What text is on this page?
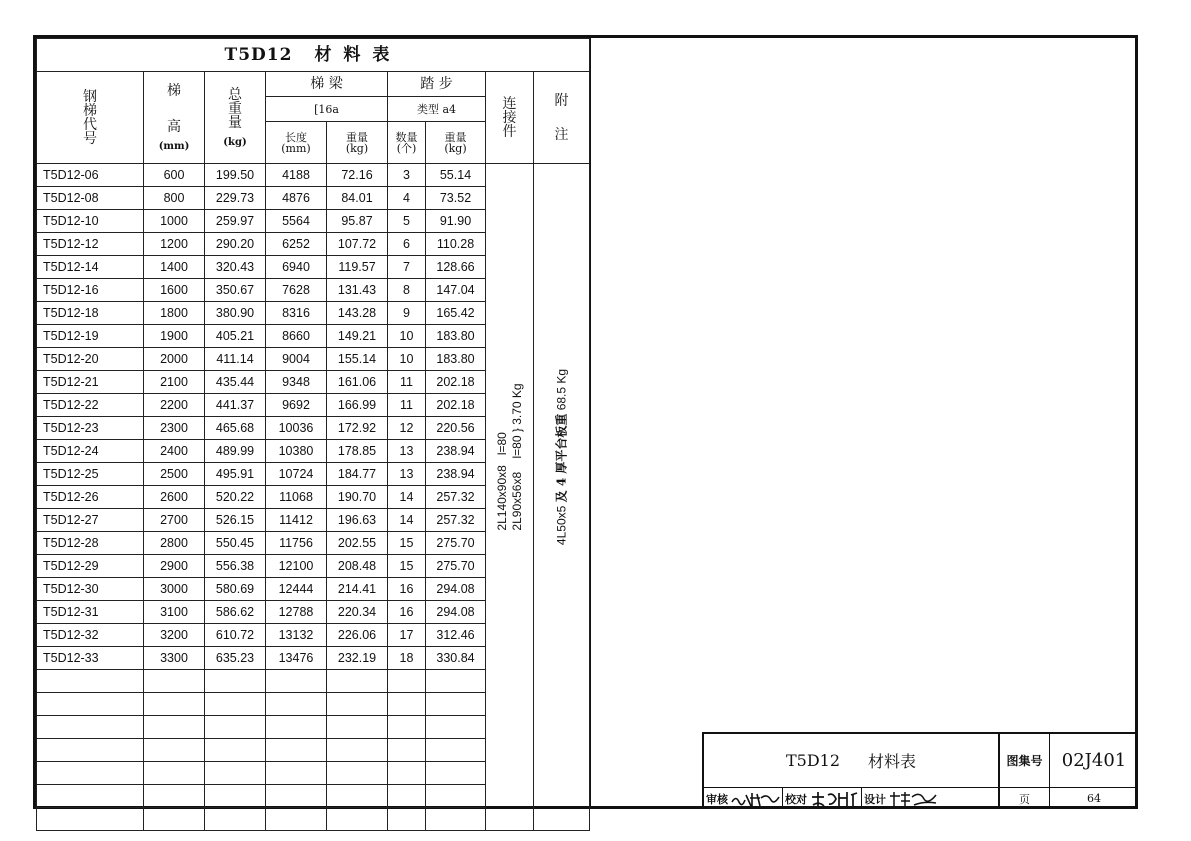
T5D12 材料表								

钢
梯
代
号	梯
高
(mm)	总
重
量
(kg)	梯 梁		踏 步		连
接
件	附
注

			[16a		类型 a4			

			长度
(mm)	重量
(kg)	数量
(个)	重量
(kg)		

T5D12-06	600	199.50	4188	72.16	3	55.14	2L140x90x8   l=80
2L90x56x8    l=80 } 3.70 Kg	4L50x5 及 4 厚平台板重 68.5 Kg

T5D12-08	800	229.73	4876	84.01	4	73.52		
T5D12-10	1000	259.97	5564	95.87	5	91.90		
T5D12-12	1200	290.20	6252	107.72	6	110.28		
T5D12-14	1400	320.43	6940	119.57	7	128.66		
T5D12-16	1600	350.67	7628	131.43	8	147.04		
T5D12-18	1800	380.90	8316	143.28	9	165.42		
T5D12-19	1900	405.21	8660	149.21	10	183.80		
T5D12-20	2000	411.14	9004	155.14	10	183.80		
T5D12-21	2100	435.44	9348	161.06	11	202.18		
T5D12-22	2200	441.37	9692	166.99	11	202.18		
T5D12-23	2300	465.68	10036	172.92	12	220.56		
T5D12-24	2400	489.99	10380	178.85	13	238.94		
T5D12-25	2500	495.91	10724	184.77	13	238.94		
T5D12-26	2600	520.22	11068	190.70	14	257.32		
T5D12-27	2700	526.15	11412	196.63	14	257.32		
T5D12-28	2800	550.45	11756	202.55	15	275.70		
T5D12-29	2900	556.38	12100	208.48	15	275.70		
T5D12-30	3000	580.69	12444	214.41	16	294.08		
T5D12-31	3100	586.62	12788	220.34	16	294.08		
T5D12-32	3200	610.72	13132	226.06	17	312.46		
T5D12-33	3300	635.23	13476	232.19	18	330.84		

T5D12 材料表	图集号	02J401
审核	校对	设计	页	64
